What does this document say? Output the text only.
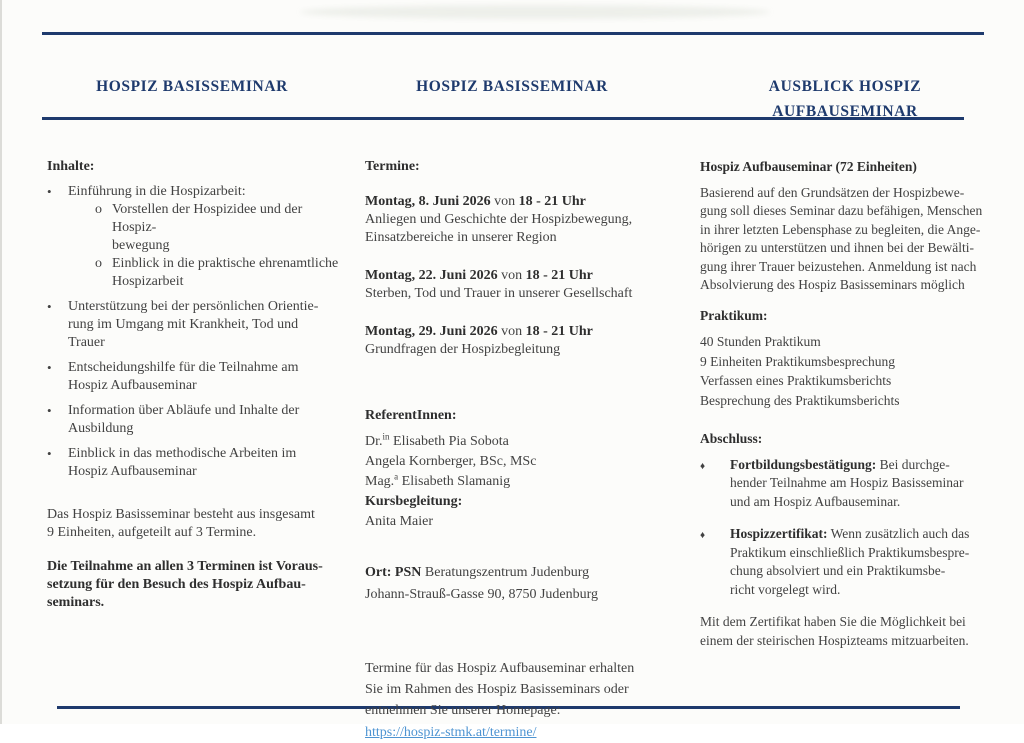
HOSPIZ BASISSEMINAR	HOSPIZ BASISSEMINAR	AUSBLICK HOSPIZ
AUFBAUSEMINAR
Inhalte:
•	Einführung in die Hospizarbeit:
o Vorstellen der Hospizidee und der Hospiz-
bewegung
o Einblick in die praktische ehrenamtliche
Hospizarbeit
•	Unterstützung bei der persönlichen Orientie-
rung im Umgang mit Krankheit, Tod und
Trauer
•	Entscheidungshilfe für die Teilnahme am
Hospiz Aufbauseminar
•	Information über Abläufe und Inhalte der
Ausbildung
•	Einblick in das methodische Arbeiten im
Hospiz Aufbauseminar
Das Hospiz Basisseminar besteht aus insgesamt
9 Einheiten, aufgeteilt auf 3 Termine.
Die Teilnahme an allen 3 Terminen ist Voraus-
setzung für den Besuch des Hospiz Aufbau-
seminars.
Termine:
Montag, 8. Juni 2026 von 18 - 21 Uhr
Anliegen und Geschichte der Hospizbewegung,
Einsatzbereiche in unserer Region
Montag, 22. Juni 2026 von 18 - 21 Uhr
Sterben, Tod und Trauer in unserer Gesellschaft
Montag, 29. Juni 2026 von 18 - 21 Uhr
Grundfragen der Hospizbegleitung
ReferentInnen:
Dr.$^{in}$ Elisabeth Pia Sobota
Angela Kornberger, BSc, MSc
Mag.$^a$ Elisabeth Slamanig
Kursbegleitung:
Anita Maier
Ort: PSN Beratungszentrum Judenburg
Johann-Strauß-Gasse 90, 8750 Judenburg
Termine für das Hospiz Aufbauseminar erhalten
Sie im Rahmen des Hospiz Basisseminars oder
entnehmen Sie unserer Homepage:
https://hospiz-stmk.at/termine/
Hospiz Aufbauseminar (72 Einheiten)
Basierend auf den Grundsätzen der Hospizbewe-
gung soll dieses Seminar dazu befähigen, Menschen
in ihrer letzten Lebensphase zu begleiten, die Ange-
hörigen zu unterstützen und ihnen bei der Bewälti-
gung ihrer Trauer beizustehen. Anmeldung ist nach
Absolvierung des Hospiz Basisseminars möglich
Praktikum:
40 Stunden Praktikum
9 Einheiten Praktikumsbesprechung
Verfassen eines Praktikumsberichts
Besprechung des Praktikumsberichts
Abschluss:
♦	Fortbildungsbestätigung: Bei durchge-
hender Teilnahme am Hospiz Basisseminar
und am Hospiz Aufbauseminar.
♦	Hospizzertifikat: Wenn zusätzlich auch das
Praktikum einschließlich Praktikumsbespre-
chung absolviert und ein Praktikumsbe-
richt vorgelegt wird.
Mit dem Zertifikat haben Sie die Möglichkeit bei
einem der steirischen Hospizteams mitzuarbeiten.
